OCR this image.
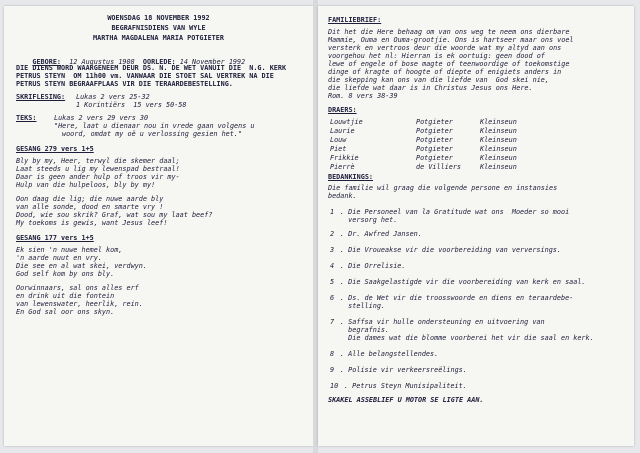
WOENSDAG 18 NOVEMBER 1992
BEGRAFNISDIENS VAN WYLE
MARTHA MAGDALENA MARIA POTGIETER

GEBORE: 12 Augustus 1908 OORLEDE: 14 November 1992

DIE DIENS WORD WAARGENEEM DEUR DS. N. DE WET VANUIT DIE  N.G. KERK
PETRUS STEYN  OM 11h00 vm. VANWAAR DIE STOET SAL VERTREK NA DIE
PETRUS STEYN BEGRAAFPLAAS VIR DIE TERAARDEBESTELLING.
SKRIFLESING: Lukas 2 vers 25-32
1 Korintiërs  15 vers 50-58
TEKS:	Lukas 2 vers 29 vers 30
"Here, laat u dienaar nou in vrede gaan volgens u
woord, omdat my oë u verlossing gesien het."
GESANG 279 vers 1+5
Bly by my, Heer, terwyl die skemer daal;
Laat steeds u lig my lewenspad bestraal!
Daar is geen ander hulp of troos vir my-
Hulp van die hulpeloos, bly by my!
Oon daag die lig; die nuwe aarde bly
van alle sonde, dood en smarte vry !
Dood, wie sou skrik? Graf, wat sou my laat beef?
My toekoms is gewis, want Jesus leef!
GESANG 177 vers 1+5
Ek sien 'n nuwe hemel kom,
'n aarde nuut en vry.
Die see en al wat skei, verdwyn.
God self kom by ons bly.
Oorwinnaars, sal ons alles erf
en drink uit die fontein
van lewenswater, heerlik, rein.
En God sal oor ons skyn.
FAMILIEBRIEF:
Dit het die Here behaag om van ons weg te neem ons dierbare
Mammie, Ouma en Ouma-grootjie. Ons is hartseer maar ons voel
versterk en vertroos deur die woorde wat my altyd aan ons
voorgehou het nl: Hierran is ek oortuig: geen dood of
lewe of engele of bose magte of teenwoordige of toekomstige
dinge of kragte of hoogte of diepte of enigiets anders in
die skepping kan ons van die liefde van  God skei nie,
die liefde wat daar is in Christus Jesus ons Here.
Rom. 8 vers 38-39
DRAERS:

Louwtjie	Potgieter	Kleinseun

Laurie	Potgieter	Kleinseun

Louw	Potgieter	Kleinseun

Piet	Potgieter	Kleinseun

Frikkie	Potgieter	Kleinseun

Pierrè	de Villiers	Kleinseun

BEDANKINGS:
Die familie wil graag die volgende persone en instansies
bedank.

1

. Die Personeel van la Gratitude wat ons  Moeder so mooi

versorg het.

2

. Dr. Awfred Jansen.

3

. Die Vroueakse vir die voorbereiding van verversings.

4

. Die Orrelisie.

5

. Die Saakgelastigde vir die voorbereiding van kerk en saal.

6

. Ds. de Wet vir die troosswoorde en diens en teraardebe-

stelling.

7

. Saffsa vir hulle ondersteuning en uitvoering van

begrafnis.

Die dames wat die blomme voorberei het vir die saal en kerk.

8

. Alle belangstellendes.

9

. Polisie vir verkeersreëlings.

10

. Petrus Steyn Munisipaliteit.

SKAKEL ASSEBLIEF U MOTOR SE LIGTE AAN.
